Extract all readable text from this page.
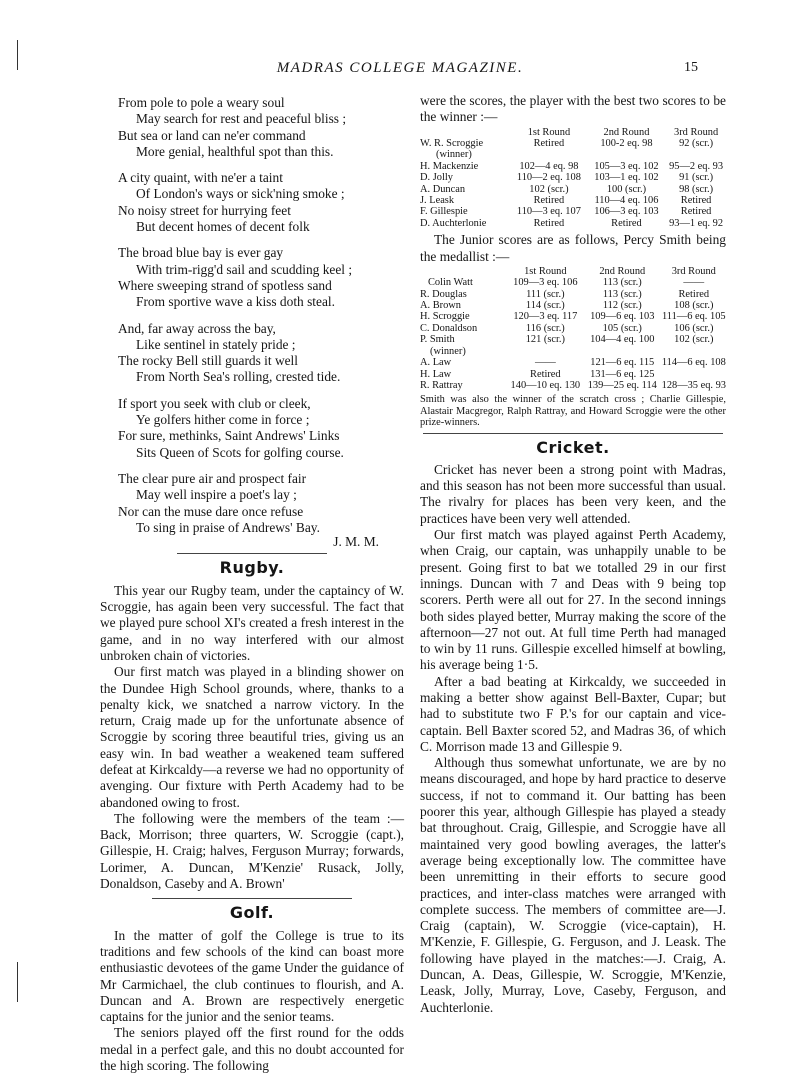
MADRAS COLLEGE MAGAZINE.	15
From pole to pole a weary soul
May search for rest and peaceful bliss ;
But sea or land can ne'er command
More genial, healthful spot than this.
A city quaint, with ne'er a taint
Of London's ways or sick'ning smoke ;
No noisy street for hurrying feet
But decent homes of decent folk
The broad blue bay is ever gay
With trim-rigg'd sail and scudding keel ;
Where sweeping strand of spotless sand
From sportive wave a kiss doth steal.
And, far away across the bay,
Like sentinel in stately pride ;
The rocky Bell still guards it well
From North Sea's rolling, crested tide.
If sport you seek with club or cleek,
Ye golfers hither come in force ;
For sure, methinks, Saint Andrews' Links
Sits Queen of Scots for golfing course.
The clear pure air and prospect fair
May well inspire a poet's lay ;
Nor can the muse dare once refuse
To sing in praise of Andrews' Bay.
J. M. M.
Rugby.

This year our Rugby team, under the captaincy of W. Scroggie, has again been very successful. The fact that we played pure school XI's created a fresh interest in the game, and in no way interfered with our almost unbroken chain of victories.

Our first match was played in a blinding shower on the Dundee High School grounds, where, thanks to a penalty kick, we snatched a narrow victory. In the return, Craig made up for the unfortunate absence of Scroggie by scoring three beautiful tries, giving us an easy win. In bad weather a weakened team suffered defeat at Kirkcaldy—a reverse we had no opportunity of avenging. Our fixture with Perth Academy had to be abandoned owing to frost.

The following were the members of the team :— Back, Morrison; three quarters, W. Scroggie (capt.), Gillespie, H. Craig; halves, Ferguson Murray; forwards, Lorimer, A. Duncan, M'Kenzie' Rusack, Jolly, Donaldson, Caseby and A. Brown'

Golf.

In the matter of golf the College is true to its traditions and few schools of the kind can boast more enthusiastic devotees of the game Under the guidance of Mr Carmichael, the club continues to flourish, and A. Duncan and A. Brown are respectively energetic captains for the junior and the senior teams.

The seniors played off the first round for the odds medal in a perfect gale, and this no doubt accounted for the high scoring. The following

were the scores, the player with the best two scores to be the winner :—

	1st Round	2nd Round	3rd Round
W. R. Scroggie	Retired	100-2 eq. 98	92 (scr.)
(winner)			
H. Mackenzie	102—4 eq. 98	105—3 eq. 102	95—2 eq. 93
D. Jolly	110—2 eq. 108	103—1 eq. 102	91 (scr.)
A. Duncan	102 (scr.)	100 (scr.)	98 (scr.)
J. Leask	Retired	110—4 eq. 106	Retired
F. Gillespie	110—3 eq. 107	106—3 eq. 103	Retired
D. Auchterlonie	Retired	Retired	93—1 eq. 92

The Junior scores are as follows, Percy Smith being the medallist :—

	1st Round	2nd Round	3rd Round
Colin Watt	109—3 eq. 106	113 (scr.)	——
R. Douglas	111 (scr.)	113 (scr.)	Retired
A. Brown	114 (scr.)	112 (scr.)	108 (scr.)
H. Scroggie	120—3 eq. 117	109—6 eq. 103	111—6 eq. 105
C. Donaldson	116 (scr.)	105 (scr.)	106 (scr.)
P. Smith	121 (scr.)	104—4 eq. 100	102 (scr.)
(winner)			
A. Law	——	121—6 eq. 115	114—6 eq. 108
H. Law	Retired	131—6 eq. 125	
R. Rattray	140—10 eq. 130	139—25 eq. 114	128—35 eq. 93
Smith was also the winner of the scratch cross ; Charlie Gillespie, Alastair Macgregor, Ralph Rattray, and Howard Scroggie were the other prize-winners.
Cricket.

Cricket has never been a strong point with Madras, and this season has not been more successful than usual. The rivalry for places has been very keen, and the practices have been very well attended.

Our first match was played against Perth Academy, when Craig, our captain, was unhappily unable to be present. Going first to bat we totalled 29 in our first innings. Duncan with 7 and Deas with 9 being top scorers. Perth were all out for 27. In the second innings both sides played better, Murray making the score of the afternoon—27 not out. At full time Perth had managed to win by 11 runs. Gillespie excelled himself at bowling, his average being 1·5.

After a bad beating at Kirkcaldy, we succeeded in making a better show against Bell-Baxter, Cupar; but had to substitute two F P.'s for our captain and vice-captain. Bell Baxter scored 52, and Madras 36, of which C. Morrison made 13 and Gillespie 9.

Although thus somewhat unfortunate, we are by no means discouraged, and hope by hard practice to deserve success, if not to command it. Our batting has been poorer this year, although Gillespie has played a steady bat throughout. Craig, Gillespie, and Scroggie have all maintained very good bowling averages, the latter's average being exceptionally low. The committee have been unremitting in their efforts to secure good practices, and inter-class matches were arranged with complete success. The members of committee are—J. Craig (captain), W. Scroggie (vice-captain), H. M'Kenzie, F. Gillespie, G. Ferguson, and J. Leask. The following have played in the matches:—J. Craig, A. Duncan, A. Deas, Gillespie, W. Scroggie, M'Kenzie, Leask, Jolly, Murray, Love, Caseby, Ferguson, and Auchterlonie.
